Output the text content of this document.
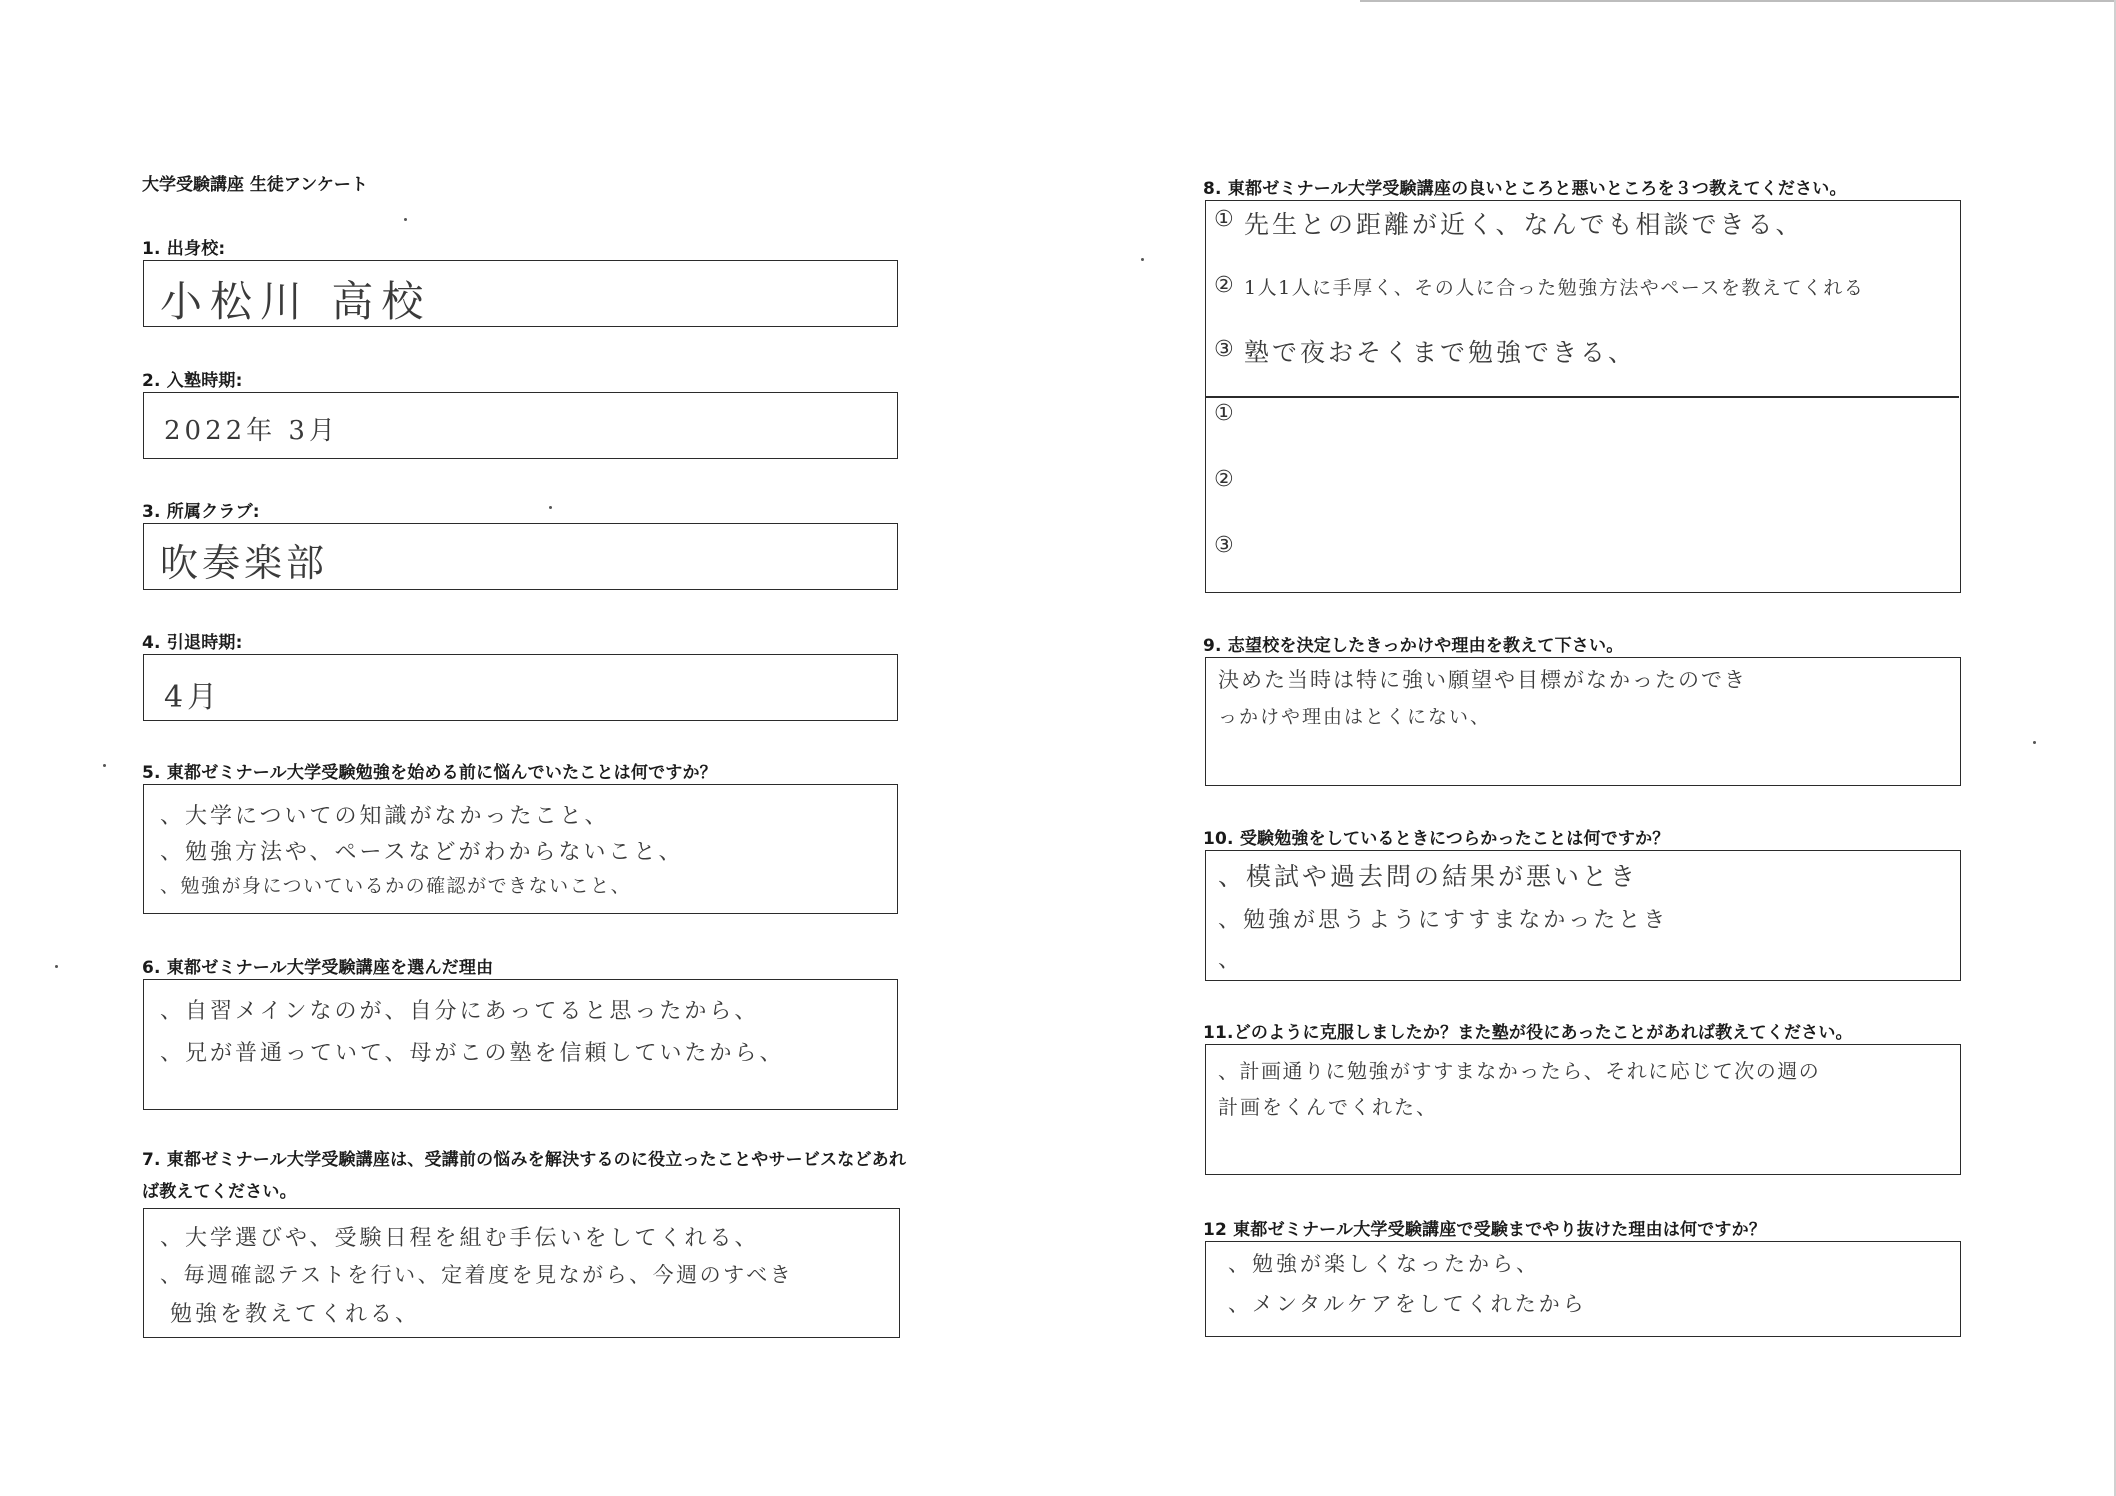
大学受験講座 生徒アンケート
1. 出身校:
小松川 高校
2. 入塾時期:
2022年 3月
3. 所属クラブ:
吹奏楽部
4. 引退時期:
4月
5. 東都ゼミナール大学受験勉強を始める前に悩んでいたことは何ですか？
、大学についての知識がなかったこと、
、勉強方法や、ペースなどがわからないこと、
、勉強が身についているかの確認ができないこと、
6. 東都ゼミナール大学受験講座を選んだ理由
、自習メインなのが、自分にあってると思ったから、
、兄が普通っていて、母がこの塾を信頼していたから、
7. 東都ゼミナール大学受験講座は、受講前の悩みを解決するのに役立ったことやサービスなどあれば教えてください。
、大学選びや、受験日程を組む手伝いをしてくれる、
、毎週確認テストを行い、定着度を見ながら、今週のすべき
勉強を教えてくれる、
8. 東都ゼミナール大学受験講座の良いところと悪いところを３つ教えてください。
① 先生との距離が近く、なんでも相談できる、
② 1人1人に手厚く、その人に合った勉強方法やペースを教えてくれる
③ 塾で夜おそくまで勉強できる、
①
②
③
9. 志望校を決定したきっかけや理由を教えて下さい。
決めた当時は特に強い願望や目標がなかったのでき
っかけや理由はとくにない、
10. 受験勉強をしているときにつらかったことは何ですか？
、模試や過去問の結果が悪いとき
、勉強が思うようにすすまなかったとき
、
11.どのように克服しましたか？また塾が役にあったことがあれば教えてください。
、計画通りに勉強がすすまなかったら、それに応じて次の週の
計画をくんでくれた、
12 東都ゼミナール大学受験講座で受験までやり抜けた理由は何ですか？
、勉強が楽しくなったから、
、メンタルケアをしてくれたから
